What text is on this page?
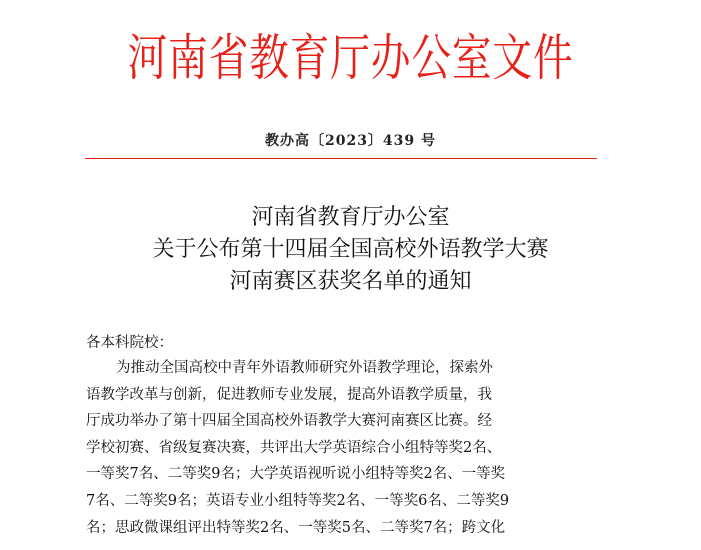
河南省教育厅办公室文件
教办高〔2023〕439 号
河南省教育厅办公室
关于公布第十四届全国高校外语教学大赛
河南赛区获奖名单的通知
各本科院校：
为推动全国高校中青年外语教师研究外语教学理论，探索外
语教学改革与创新，促进教师专业发展，提高外语教学质量，我
厅成功举办了第十四届全国高校外语教学大赛河南赛区比赛。经
学校初赛、省级复赛决赛，共评出大学英语综合小组特等奖2名、
一等奖7名、二等奖9名；大学英语视听说小组特等奖2名、一等奖
7名、二等奖9名；英语专业小组特等奖2名、一等奖6名、二等奖9
名；思政微课组评出特等奖2名、一等奖5名、二等奖7名；跨文化
